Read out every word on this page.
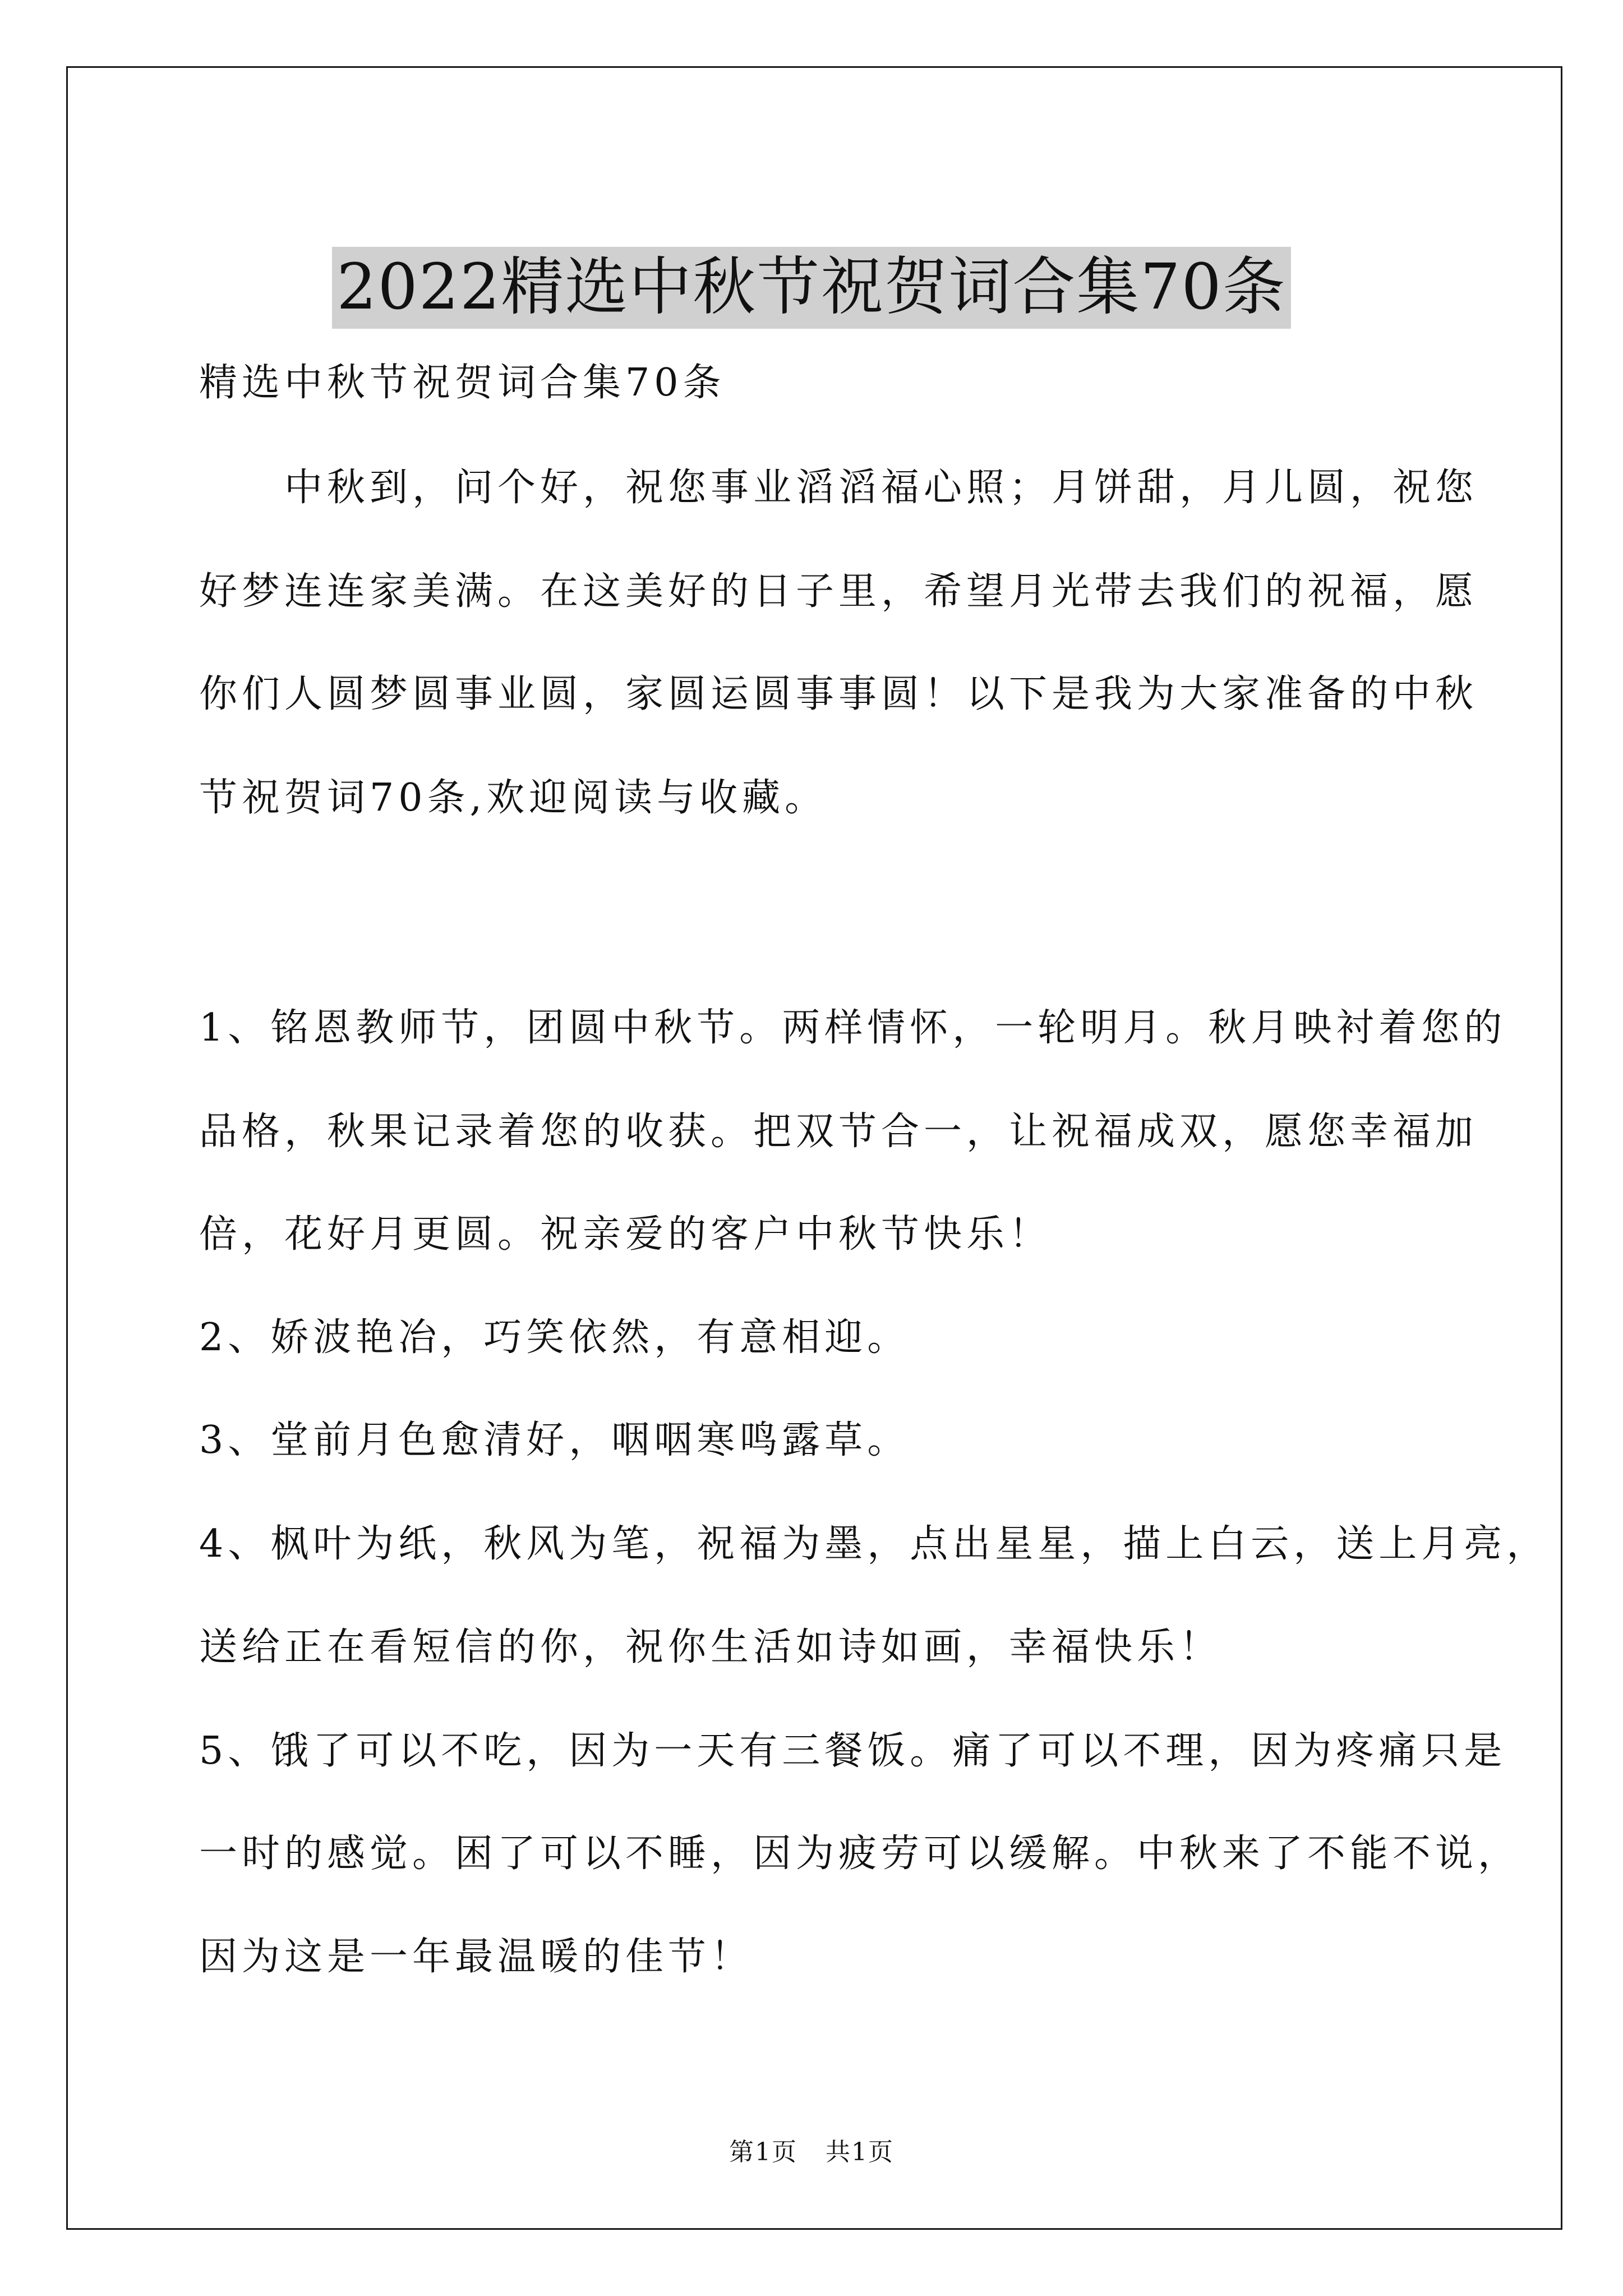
2022精选中秋节祝贺词合集70条
精选中秋节祝贺词合集70条
　　中秋到，问个好，祝您事业滔滔福心照；月饼甜，月儿圆，祝您
好梦连连家美满。在这美好的日子里，希望月光带去我们的祝福，愿
你们人圆梦圆事业圆，家圆运圆事事圆！以下是我为大家准备的中秋
节祝贺词70条,欢迎阅读与收藏。
1、铭恩教师节，团圆中秋节。两样情怀，一轮明月。秋月映衬着您的
品格，秋果记录着您的收获。把双节合一，让祝福成双，愿您幸福加
倍，花好月更圆。祝亲爱的客户中秋节快乐！
2、娇波艳冶，巧笑依然，有意相迎。
3、堂前月色愈清好，咽咽寒鸣露草。
4、枫叶为纸，秋风为笔，祝福为墨，点出星星，描上白云，送上月亮，
送给正在看短信的你，祝你生活如诗如画，幸福快乐！
5、饿了可以不吃，因为一天有三餐饭。痛了可以不理，因为疼痛只是
一时的感觉。困了可以不睡，因为疲劳可以缓解。中秋来了不能不说，
因为这是一年最温暖的佳节！
第1页 共1页
